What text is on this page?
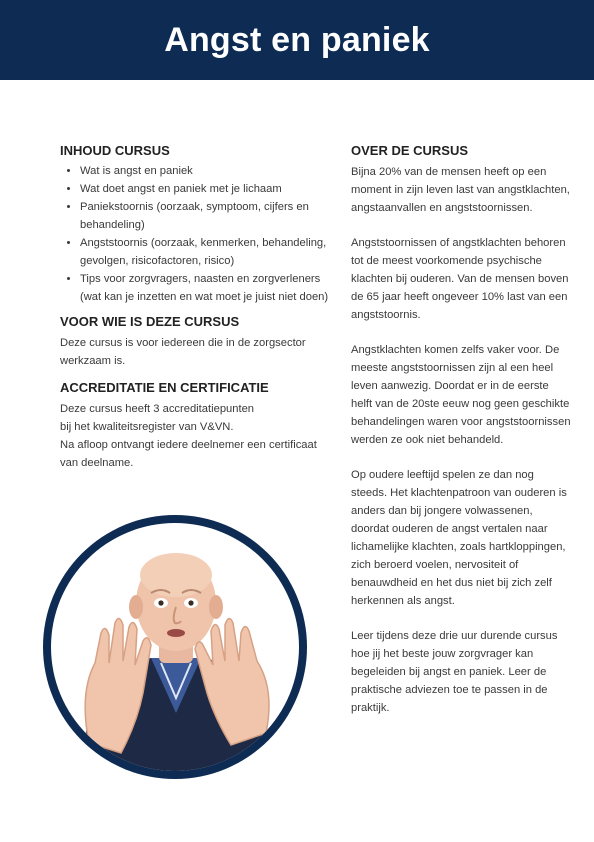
Angst en paniek
INHOUD CURSUS
• Wat is angst en paniek
• Wat doet angst en paniek met je lichaam
• Paniekstoornis (oorzaak, symptoom, cijfers en behandeling)
• Angststoornis (oorzaak, kenmerken, behandeling, gevolgen, risicofactoren, risico)
• Tips voor zorgvragers, naasten en zorgverleners (wat kan je inzetten en wat moet je juist niet doen)
VOOR WIE IS DEZE CURSUS

Deze cursus is voor iedereen die in de zorgsector werkzaam is.

ACCREDITATIE EN CERTIFICATIE

Deze cursus heeft 3 accreditatiepunten
bij het kwaliteitsregister van V&VN.
Na afloop ontvangt iedere deelnemer een certificaat van deelname.

OVER DE CURSUS

Bijna 20% van de mensen heeft op een moment in zijn leven last van angstklachten, angstaanvallen en angststoornissen.

Angststoornissen of angstklachten behoren tot de meest voorkomende psychische klachten bij ouderen. Van de mensen boven de 65 jaar heeft ongeveer 10% last van een angststoornis.

Angstklachten komen zelfs vaker voor. De meeste angststoornissen zijn al een heel leven aanwezig. Doordat er in de eerste helft van de 20ste eeuw nog geen geschikte behandelingen waren voor angststoornissen werden ze ook niet behandeld.

Op oudere leeftijd spelen ze dan nog steeds. Het klachtenpatroon van ouderen is anders dan bij jongere volwassenen, doordat ouderen de angst vertalen naar lichamelijke klachten, zoals hartkloppingen, zich beroerd voelen, nervositeit of benauwdheid en het dus niet bij zich zelf herkennen als angst.

Leer tijdens deze drie uur durende cursus hoe jij het beste jouw zorgvrager kan begeleiden bij angst en paniek. Leer de praktische adviezen toe te passen in de praktijk.
